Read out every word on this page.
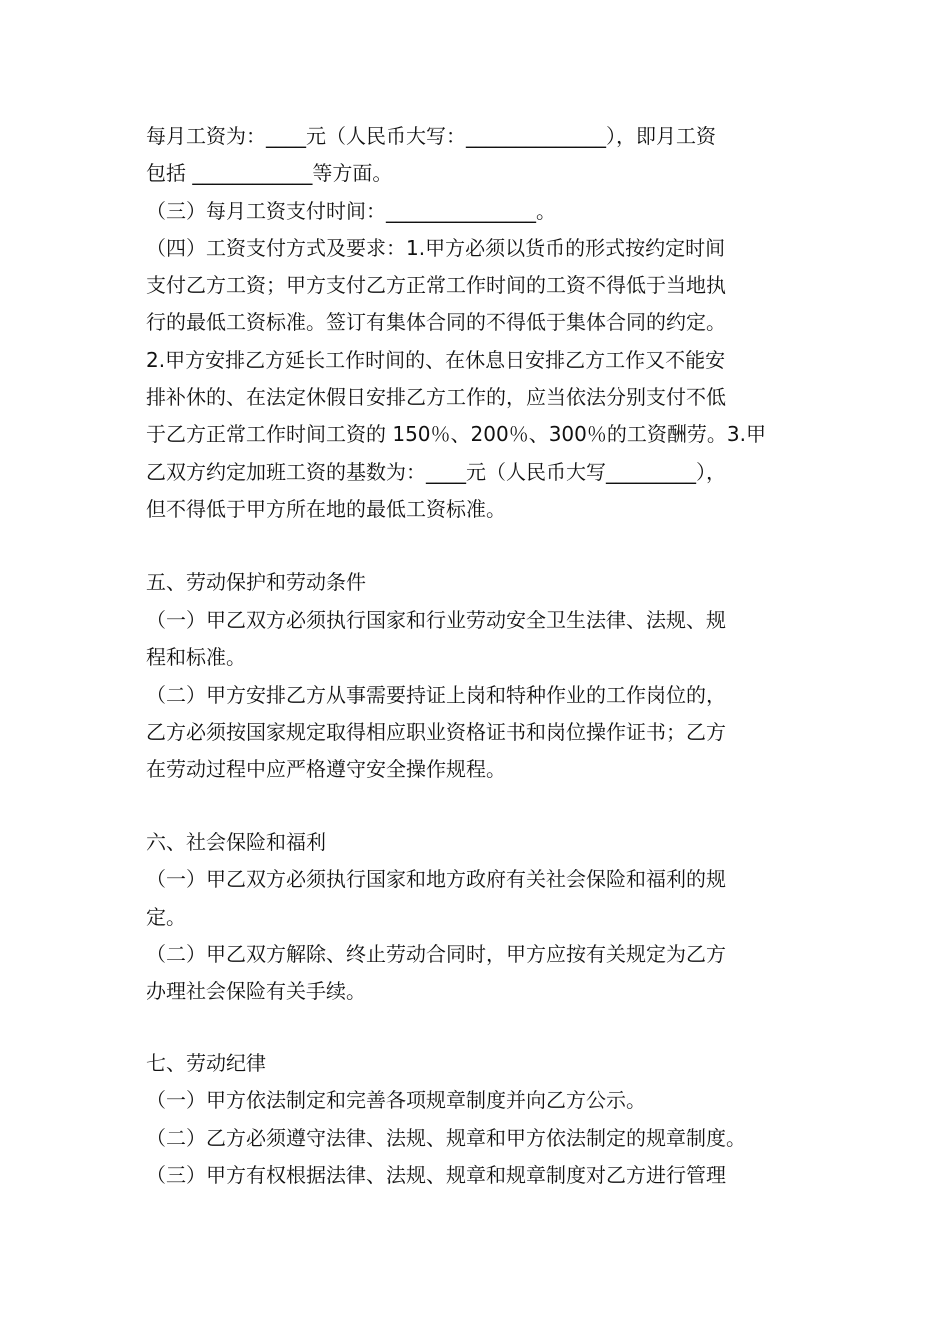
每月工资为：____元（人民币大写：______________），即月工资
包括 ____________等方面。
（三）每月工资支付时间：_______________。
（四）工资支付方式及要求：1.甲方必须以货币的形式按约定时间
支付乙方工资；甲方支付乙方正常工作时间的工资不得低于当地执
行的最低工资标准。签订有集体合同的不得低于集体合同的约定。
2.甲方安排乙方延长工作时间的、在休息日安排乙方工作又不能安
排补休的、在法定休假日安排乙方工作的，应当依法分别支付不低
于乙方正常工作时间工资的 150％、200％、300％的工资酬劳。3.甲
乙双方约定加班工资的基数为：____元（人民币大写_________），
但不得低于甲方所在地的最低工资标准。
五、劳动保护和劳动条件
（一）甲乙双方必须执行国家和行业劳动安全卫生法律、法规、规
程和标准。
（二）甲方安排乙方从事需要持证上岗和特种作业的工作岗位的，
乙方必须按国家规定取得相应职业资格证书和岗位操作证书；乙方
在劳动过程中应严格遵守安全操作规程。
六、社会保险和福利
（一）甲乙双方必须执行国家和地方政府有关社会保险和福利的规
定。
（二）甲乙双方解除、终止劳动合同时，甲方应按有关规定为乙方
办理社会保险有关手续。
七、劳动纪律
（一）甲方依法制定和完善各项规章制度并向乙方公示。
（二）乙方必须遵守法律、法规、规章和甲方依法制定的规章制度。
（三）甲方有权根据法律、法规、规章和规章制度对乙方进行管理
